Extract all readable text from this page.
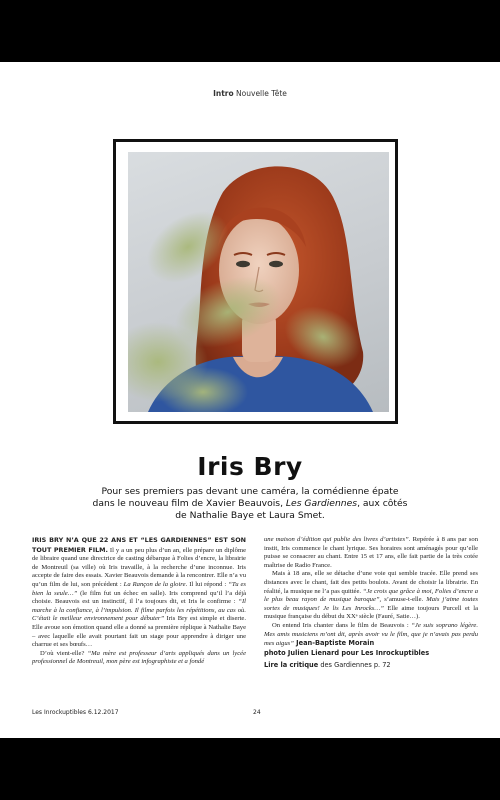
Intro Nouvelle Tête
Iris Bry
Pour ses premiers pas devant une caméra, la comédienne épate dans le nouveau film de Xavier Beauvois, Les Gardiennes, aux côtés de Nathalie Baye et Laura Smet.

IRIS BRY N’A QUE 22 ANS ET “LES GARDIENNES” EST SON TOUT PREMIER FILM. Il y a un peu plus d’un an, elle prépare un diplôme de libraire quand une directrice de casting débarque à Folies d’encre, la librairie de Montreuil (sa ville) où Iris travaille, à la recherche d’une inconnue. Iris accepte de faire des essais. Xavier Beauvois demande à la rencontrer. Elle n’a vu qu’un film de lui, son précédent : La Rançon de la gloire. Il lui répond : “Tu es bien la seule…” (le film fut un échec en salle). Iris comprend qu’il l’a déjà choisie. Beauvois est un instinctif, il l’a toujours dit, et Iris le confirme : “Il marche à la confiance, à l’impulsion. Il filme parfois les répétitions, au cas où. C’était le meilleur environnement pour débuter” Iris Bry est simple et diserte. Elle avoue son émotion quand elle a donné sa première réplique à Nathalie Baye – avec laquelle elle avait pourtant fait un stage pour apprendre à diriger une charrue et ses bœufs…

D’où vient-elle? “Ma mère est professeur d’arts appliqués dans un lycée professionnel de Montreuil, mon père est infographiste et a fondé

une maison d’édition qui publie des livres d’artistes”. Repérée à 8 ans par son instit, Iris commence le chant lyrique. Ses horaires sont aménagés pour qu’elle puisse se consacrer au chant. Entre 15 et 17 ans, elle fait partie de la très cotée maîtrise de Radio France.

Mais à 18 ans, elle se détache d’une voie qui semble tracée. Elle prend ses distances avec le chant, fait des petits boulots. Avant de choisir la librairie. En réalité, la musique ne l’a pas quittée. “Je crois que grâce à moi, Folies d’encre a le plus beau rayon de musique baroque”, s’amuse-t-elle. Mais j’aime toutes sortes de musiques! Je lis Les Inrocks…” Elle aime toujours Purcell et la musique française du début du XXᵉ siècle (Fauré, Satie…).

On entend Iris chanter dans le film de Beauvois : “Je suis soprano légère. Mes amis musiciens m’ont dit, après avoir vu le film, que je n’avais pas perdu mes aigus” Jean-Baptiste Morain
photo Julien Lienard pour Les Inrockuptibles

Lire la critique des Gardiennes p. 72

Les Inrockuptibles 6.12.2017	24
